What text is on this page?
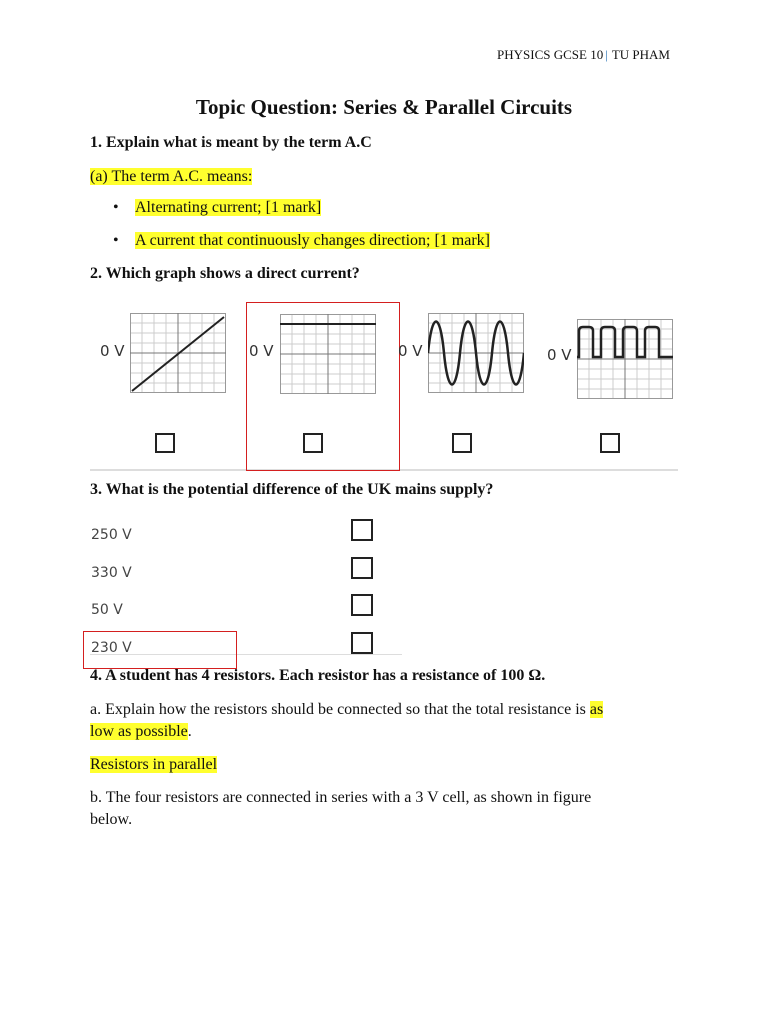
PHYSICS GCSE 10 | TU PHAM
Topic Question: Series & Parallel Circuits
1. Explain what is meant by the term A.C
(a) The term A.C. means:
• Alternating current; [1 mark]
• A current that continuously changes direction; [1 mark]
2. Which graph shows a direct current?
0 V	0 V	0 V	0 V
3. What is the potential difference of the UK mains supply?
250 V
330 V
50 V
230 V
4. A student has 4 resistors. Each resistor has a resistance of 100 Ω.
a. Explain how the resistors should be connected so that the total resistance is as
low as possible.
Resistors in parallel
b. The four resistors are connected in series with a 3 V cell, as shown in figure
below.
